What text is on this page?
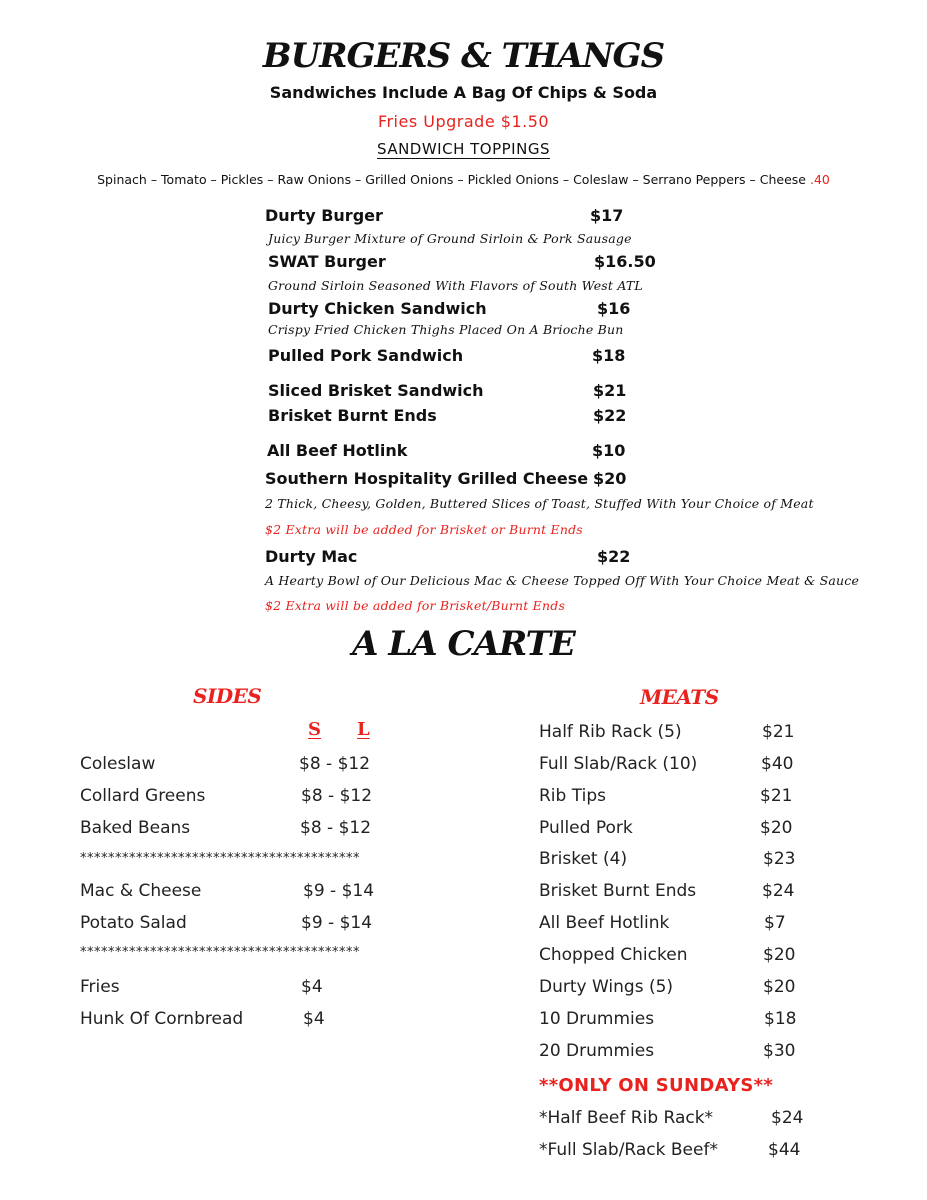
BURGERS & THANGS
Sandwiches Include A Bag Of Chips & Soda
Fries Upgrade $1.50
SANDWICH TOPPINGS
Spinach – Tomato – Pickles – Raw Onions – Grilled Onions – Pickled Onions – Coleslaw – Serrano Peppers – Cheese .40
Durty Burger	$17
Juicy Burger Mixture of Ground Sirloin & Pork Sausage
SWAT Burger	$16.50
Ground Sirloin Seasoned With Flavors of South West ATL
Durty Chicken Sandwich	$16
Crispy Fried Chicken Thighs Placed On A Brioche Bun
Pulled Pork Sandwich	$18
Sliced Brisket Sandwich	$21
Brisket Burnt Ends	$22
All Beef Hotlink	$10
Southern Hospitality Grilled Cheese $20
2 Thick, Cheesy, Golden, Buttered Slices of Toast, Stuffed With Your Choice of Meat
$2 Extra will be added for Brisket or Burnt Ends
Durty Mac	$22
A Hearty Bowl of Our Delicious Mac & Cheese Topped Off With Your Choice Meat & Sauce
$2 Extra will be added for Brisket/Burnt Ends
A LA CARTE
SIDES
S L
Coleslaw	$8 - $12
Collard Greens	$8 - $12
Baked Beans	$8 - $12
****************************************
Mac & Cheese	$9 - $14
Potato Salad	$9 - $14
****************************************
Fries	$4
Hunk Of Cornbread	$4
MEATS
Half Rib Rack (5)	$21
Full Slab/Rack (10)	$40
Rib Tips	$21
Pulled Pork	$20
Brisket (4)	$23
Brisket Burnt Ends	$24
All Beef Hotlink	$7
Chopped Chicken	$20
Durty Wings (5)	$20
10 Drummies	$18
20 Drummies	$30
**ONLY ON SUNDAYS**
*Half Beef Rib Rack*	$24
*Full Slab/Rack Beef*	$44
